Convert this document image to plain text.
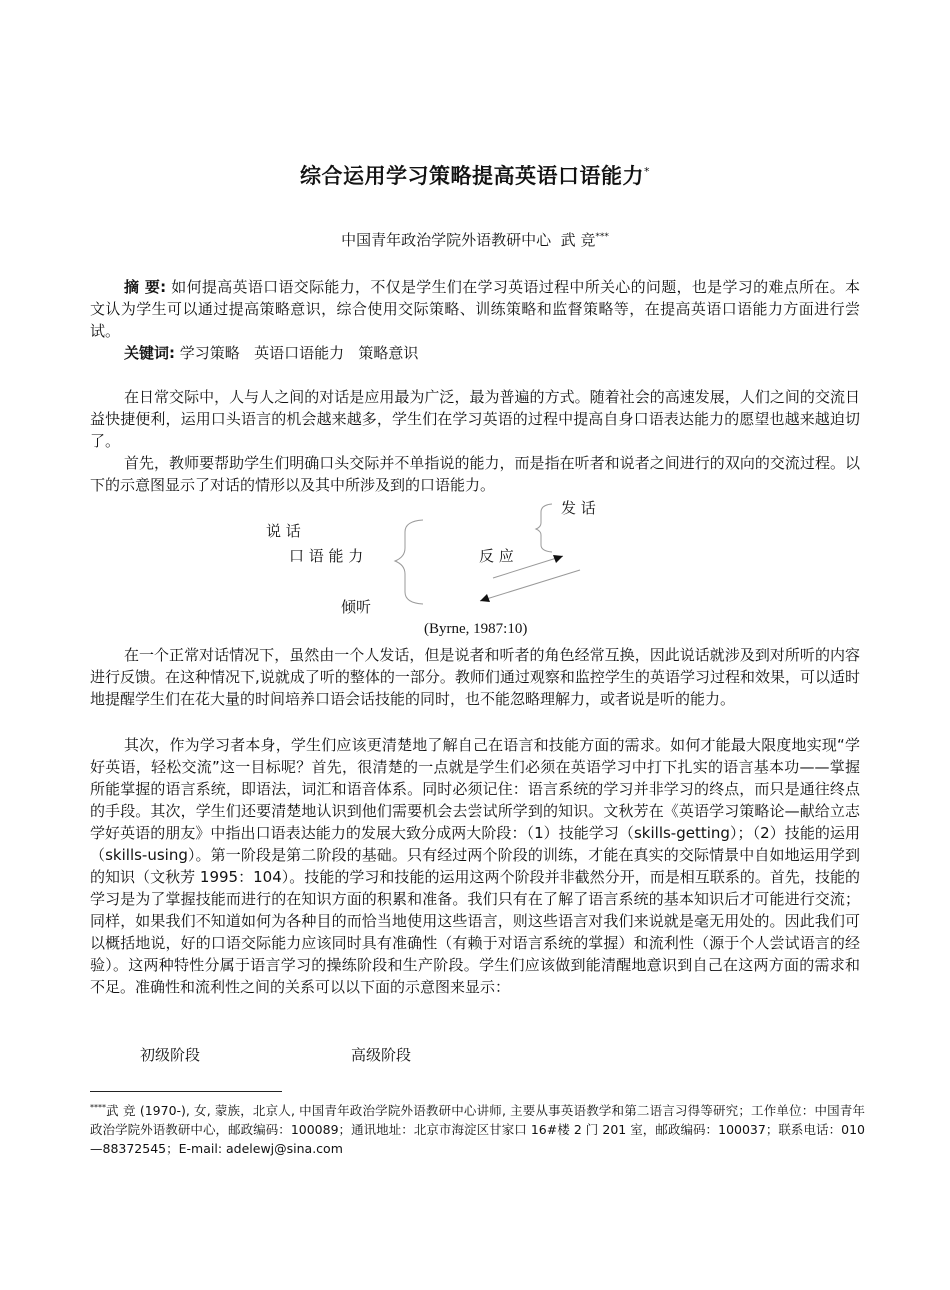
综合运用学习策略提高英语口语能力*
中国青年政治学院外语教研中心 武 竞***

摘 要: 如何提高英语口语交际能力，不仅是学生们在学习英语过程中所关心的问题，也是学习的难点所在。本文认为学生可以通过提高策略意识，综合使用交际策略、训练策略和监督策略等，在提高英语口语能力方面进行尝试。

关键词: 学习策略   英语口语能力   策略意识

在日常交际中，人与人之间的对话是应用最为广泛，最为普遍的方式。随着社会的高速发展，人们之间的交流日益快捷便利，运用口头语言的机会越来越多，学生们在学习英语的过程中提高自身口语表达能力的愿望也越来越迫切了。

首先，教师要帮助学生们明确口头交际并不单指说的能力，而是指在听者和说者之间进行的双向的交流过程。以下的示意图显示了对话的情形以及其中所涉及到的口语能力。

说 话
口 语 能 力
倾听
发 话
反 应
(Byrne, 1987:10)

在一个正常对话情况下，虽然由一个人发话，但是说者和听者的角色经常互换，因此说话就涉及到对所听的内容进行反馈。在这种情况下,说就成了听的整体的一部分。教师们通过观察和监控学生的英语学习过程和效果，可以适时地提醒学生们在花大量的时间培养口语会话技能的同时，也不能忽略理解力，或者说是听的能力。

其次，作为学习者本身，学生们应该更清楚地了解自己在语言和技能方面的需求。如何才能最大限度地实现“学好英语，轻松交流”这一目标呢？首先，很清楚的一点就是学生们必须在英语学习中打下扎实的语言基本功——掌握所能掌握的语言系统，即语法，词汇和语音体系。同时必须记住：语言系统的学习并非学习的终点，而只是通往终点的手段。其次，学生们还要清楚地认识到他们需要机会去尝试所学到的知识。文秋芳在《英语学习策略论—献给立志学好英语的朋友》中指出口语表达能力的发展大致分成两大阶段：（1）技能学习（skills-getting）；（2）技能的运用（skills-using）。第一阶段是第二阶段的基础。只有经过两个阶段的训练，才能在真实的交际情景中自如地运用学到的知识（文秋芳 1995：104）。技能的学习和技能的运用这两个阶段并非截然分开，而是相互联系的。首先，技能的学习是为了掌握技能而进行的在知识方面的积累和准备。我们只有在了解了语言系统的基本知识后才可能进行交流；同样，如果我们不知道如何为各种目的而恰当地使用这些语言，则这些语言对我们来说就是毫无用处的。因此我们可以概括地说，好的口语交际能力应该同时具有准确性（有赖于对语言系统的掌握）和流利性（源于个人尝试语言的经验）。这两种特性分属于语言学习的操练阶段和生产阶段。学生们应该做到能清醒地意识到自己在这两方面的需求和不足。准确性和流利性之间的关系可以以下面的示意图来显示：

初级阶段	高级阶段

****武 竞 (1970-), 女, 蒙族，北京人, 中国青年政治学院外语教研中心讲师, 主要从事英语教学和第二语言习得等研究；工作单位：中国青年政治学院外语教研中心，邮政编码：100089；通讯地址：北京市海淀区甘家口 16#楼 2 门 201 室，邮政编码：100037；联系电话：010—88372545；E-mail: adelewj@sina.com
